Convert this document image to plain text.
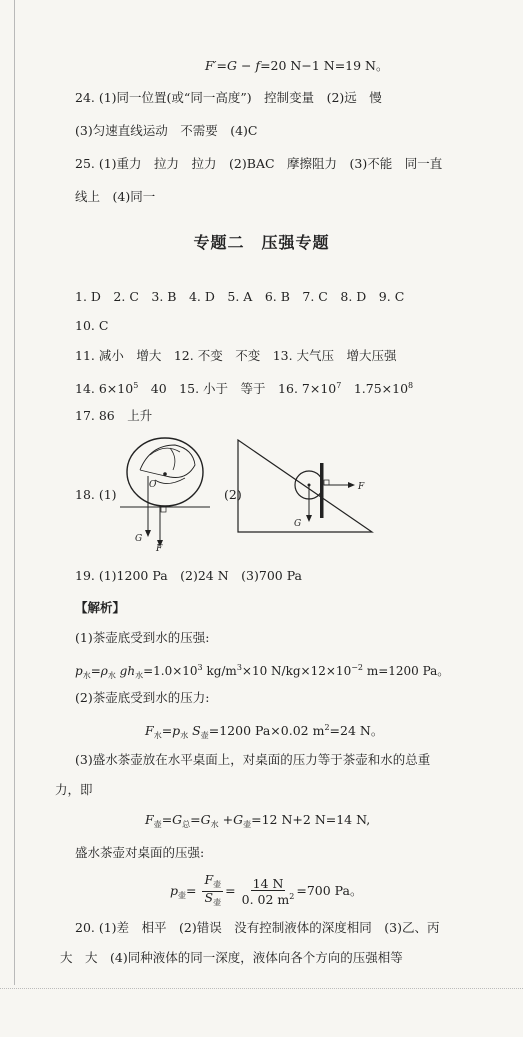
F′=G − f=20 N−1 N=19 N。
24. (1)同一位置(或“同一高度”)　控制变量　(2)远　慢
(3)匀速直线运动　不需要　(4)C
25. (1)重力　拉力　拉力　(2)BAC　摩擦阻力　(3)不能　同一直
线上　(4)同一
专题二　压强专题
1. D　2. C　3. B　4. D　5. A　6. B　7. C　8. D　9. C
10. C
11. 减小　增大　12. 不变　不变　13. 大气压　增大压强
14. $6\times 10^5$　40　15. 小于　等于　16. $7\times 10^7$　$1.75\times 10^8$
17. 86　上升
18. (1)	(2)
O
G
F
G
F
19. (1)1200 Pa　(2)24 N　(3)700 Pa
【解析】
(1)茶壶底受到水的压强:
$p_水=\rho_水$ $gh_水=1.0\times 10^3$ $kg/m^3\times 10$ $N/kg\times 12\times 10^{-2}$ m=1200 Pa。
(2)茶壶底受到水的压力:
$F_水=p_水$ $S_壶=1200$ Pa×0.02 $m^2=24$ N。
(3)盛水茶壶放在水平桌面上，对桌面的压力等于茶壶和水的总重
力，即
$F_壶=G_总=G_水 +G_壶=12$ N+2 N=14 N,
盛水茶壶对桌面的压强:
$p_壶= \frac{F_壶}{S_壶} = \frac{14 N}{0. 02 m^2} =700$ Pa。
20. (1)差　相平　(2)错误　没有控制液体的深度相同　(3)乙、丙
大　大　(4)同种液体的同一深度，液体向各个方向的压强相等
